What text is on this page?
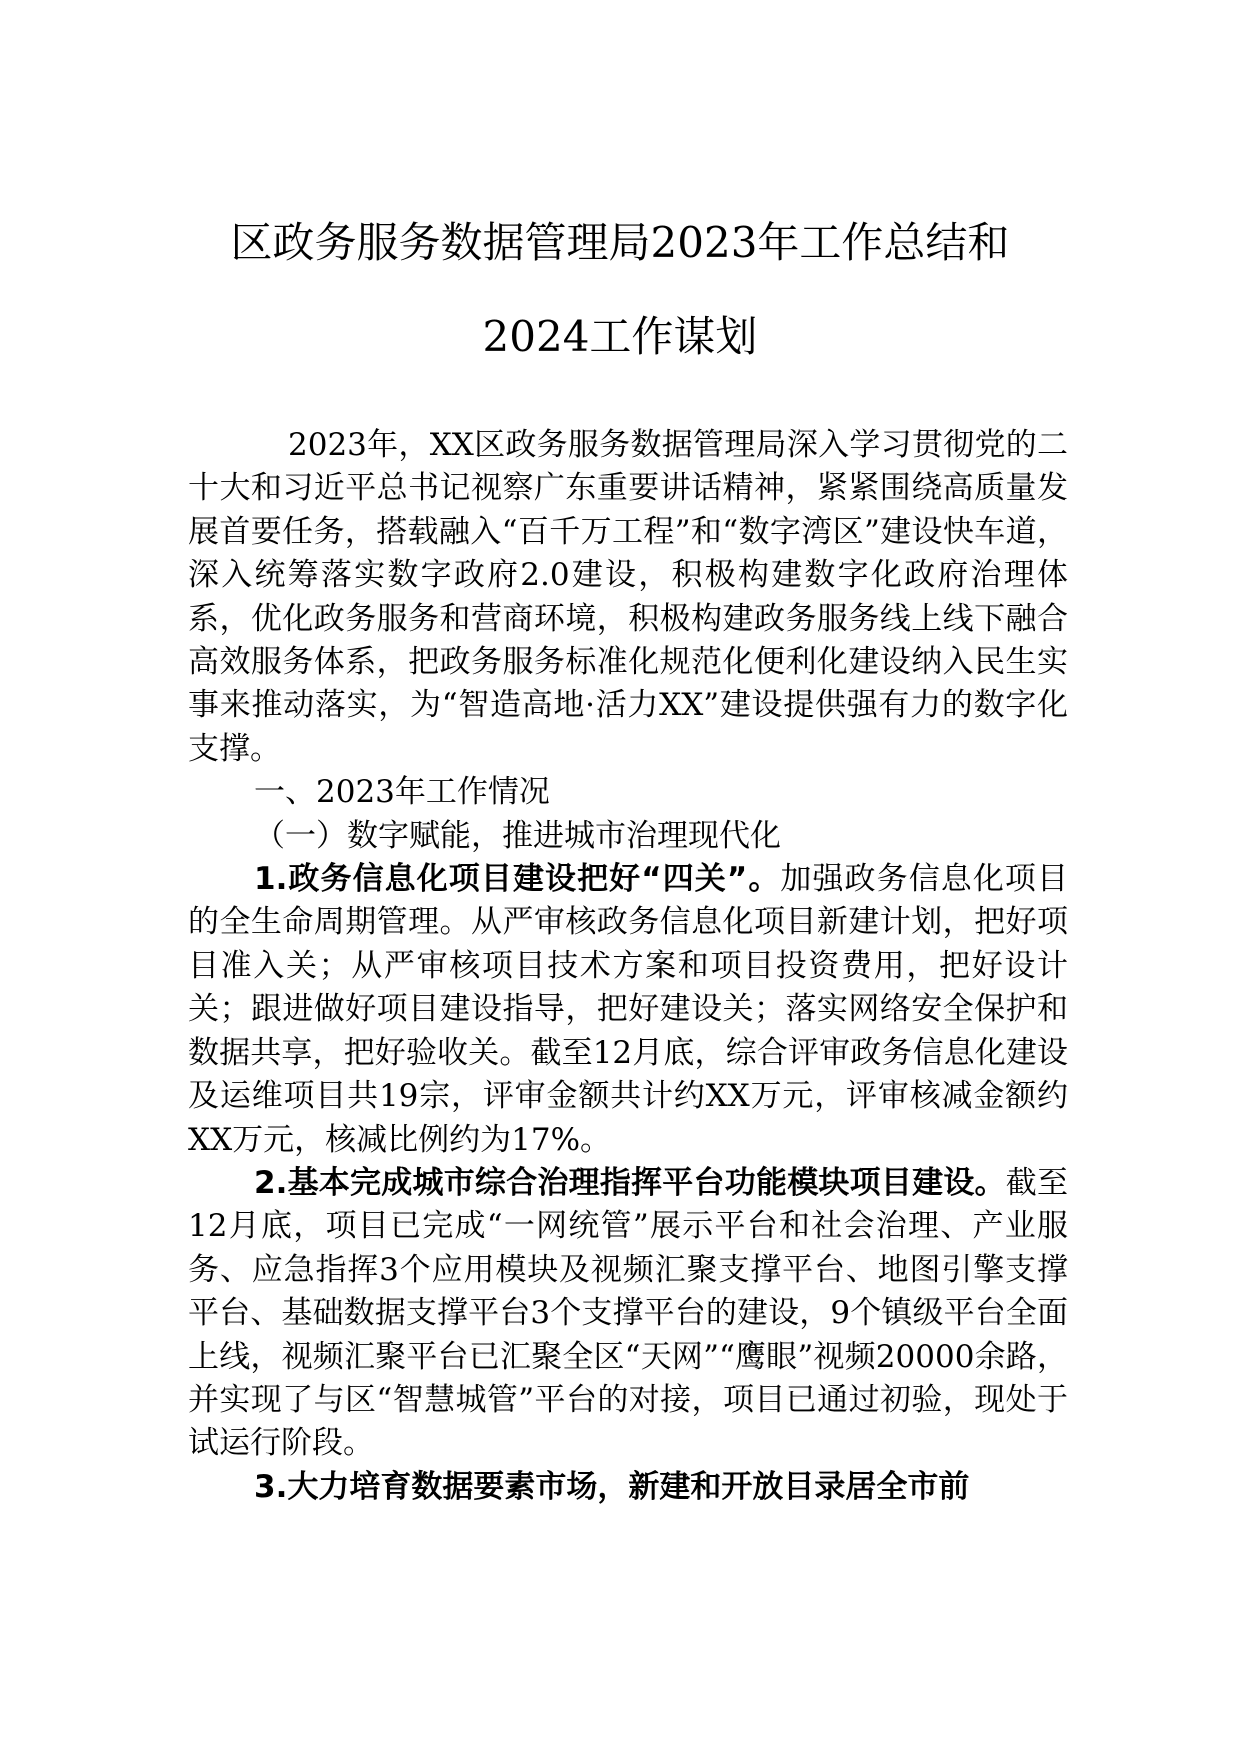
区政务服务数据管理局2023年工作总结和
2024工作谋划

2023年，XX区政务服务数据管理局深入学习贯彻党的二十大和习近平总书记视察广东重要讲话精神，紧紧围绕高质量发展首要任务，搭载融入“百千万工程”和“数字湾区”建设快车道，深入统筹落实数字政府2.0建设，积极构建数字化政府治理体系，优化政务服务和营商环境，积极构建政务服务线上线下融合高效服务体系，把政务服务标准化规范化便利化建设纳入民生实事来推动落实，为“智造高地·活力XX”建设提供强有力的数字化支撑。

一、2023年工作情况

（一）数字赋能，推进城市治理现代化

1.政务信息化项目建设把好“四关”。加强政务信息化项目的全生命周期管理。从严审核政务信息化项目新建计划，把好项目准入关；从严审核项目技术方案和项目投资费用，把好设计关；跟进做好项目建设指导，把好建设关；落实网络安全保护和数据共享，把好验收关。截至12月底，综合评审政务信息化建设及运维项目共19宗，评审金额共计约XX万元，评审核减金额约XX万元，核减比例约为17%。

2.基本完成城市综合治理指挥平台功能模块项目建设。截至12月底，项目已完成“一网统管”展示平台和社会治理、产业服务、应急指挥3个应用模块及视频汇聚支撑平台、地图引擎支撑平台、基础数据支撑平台3个支撑平台的建设，9个镇级平台全面上线，视频汇聚平台已汇聚全区“天网”“鹰眼”视频20000余路，并实现了与区“智慧城管”平台的对接，项目已通过初验，现处于试运行阶段。

3.大力培育数据要素市场，新建和开放目录居全市前
